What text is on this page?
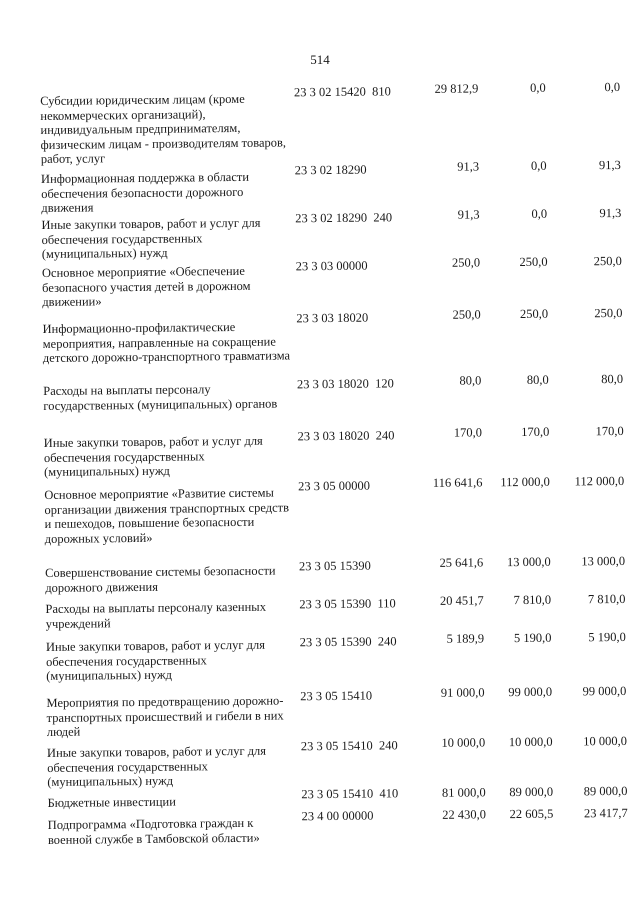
514
Субсидии юридическим лицам (кроме некоммерческих организаций), индивидуальным предпринимателям, физическим лицам - производителям товаров, работ, услуг
23 3 02 15420  810	29 812,9	0,0	0,0
Информационная поддержка в области обеспечения безопасности дорожного движения
23 3 02 18290	91,3	0,0	91,3
Иные закупки товаров, работ и услуг для обеспечения государственных (муниципальных) нужд
23 3 02 18290  240	91,3	0,0	91,3
Основное мероприятие «Обеспечение безопасного участия детей в дорожном движении»
23 3 03 00000	250,0	250,0	250,0
Информационно-профилактические мероприятия, направленные на сокращение детского дорожно-транспортного травматизма
23 3 03 18020	250,0	250,0	250,0
Расходы на выплаты персоналу государственных (муниципальных) органов
23 3 03 18020  120	80,0	80,0	80,0
Иные закупки товаров, работ и услуг для обеспечения государственных (муниципальных) нужд
23 3 03 18020  240	170,0	170,0	170,0
Основное мероприятие «Развитие системы организации движения транспортных средств и пешеходов, повышение безопасности дорожных условий»
23 3 05 00000	116 641,6	112 000,0	112 000,0
Совершенствование системы безопасности дорожного движения
23 3 05 15390	25 641,6	13 000,0	13 000,0
Расходы на выплаты персоналу казенных учреждений
23 3 05 15390  110	20 451,7	7 810,0	7 810,0
Иные закупки товаров, работ и услуг для обеспечения государственных (муниципальных) нужд
23 3 05 15390  240	5 189,9	5 190,0	5 190,0
Мероприятия по предотвращению дорожно-транспортных происшествий и гибели в них людей
23 3 05 15410	91 000,0	99 000,0	99 000,0
Иные закупки товаров, работ и услуг для обеспечения государственных (муниципальных) нужд
23 3 05 15410  240	10 000,0	10 000,0	10 000,0
Бюджетные инвестиции
23 3 05 15410  410	81 000,0	89 000,0	89 000,0
Подпрограмма «Подготовка граждан к военной службе в Тамбовской области»
23 4 00 00000	22 430,0	22 605,5	23 417,7
